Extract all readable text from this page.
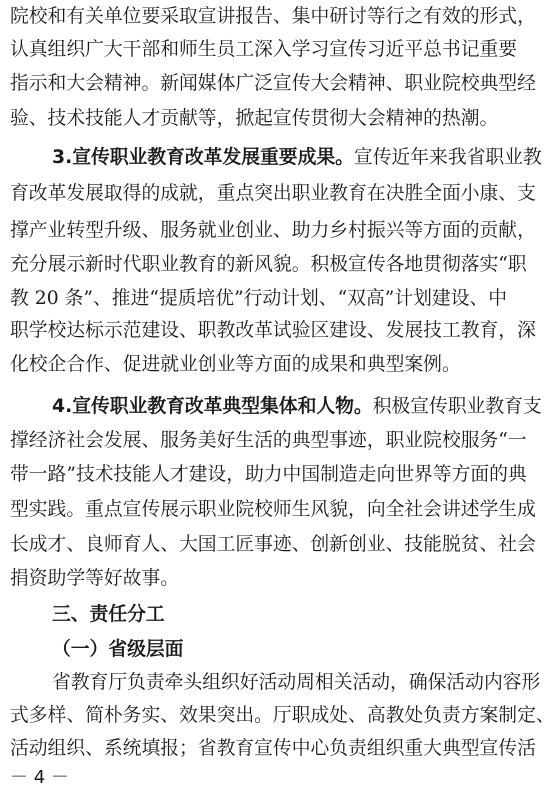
院校和有关单位要采取宣讲报告、集中研讨等行之有效的形式，
认真组织广大干部和师生员工深入学习宣传习近平总书记重要
指示和大会精神。新闻媒体广泛宣传大会精神、职业院校典型经
验、技术技能人才贡献等，掀起宣传贯彻大会精神的热潮。
3.宣传职业教育改革发展重要成果。宣传近年来我省职业教
育改革发展取得的成就，重点突出职业教育在决胜全面小康、支
撑产业转型升级、服务就业创业、助力乡村振兴等方面的贡献，
充分展示新时代职业教育的新风貌。积极宣传各地贯彻落实“职
教 20 条”、推进“提质培优”行动计划、“双高”计划建设、中
职学校达标示范建设、职教改革试验区建设、发展技工教育，深
化校企合作、促进就业创业等方面的成果和典型案例。
4.宣传职业教育改革典型集体和人物。积极宣传职业教育支
撑经济社会发展、服务美好生活的典型事迹，职业院校服务“一
带一路”技术技能人才建设，助力中国制造走向世界等方面的典
型实践。重点宣传展示职业院校师生风貌，向全社会讲述学生成
长成才、良师育人、大国工匠事迹、创新创业、技能脱贫、社会
捐资助学等好故事。
三、责任分工
（一）省级层面
省教育厅负责牵头组织好活动周相关活动，确保活动内容形
式多样、简朴务实、效果突出。厅职成处、高教处负责方案制定、
活动组织、系统填报；省教育宣传中心负责组织重大典型宣传活
－ 4 －
